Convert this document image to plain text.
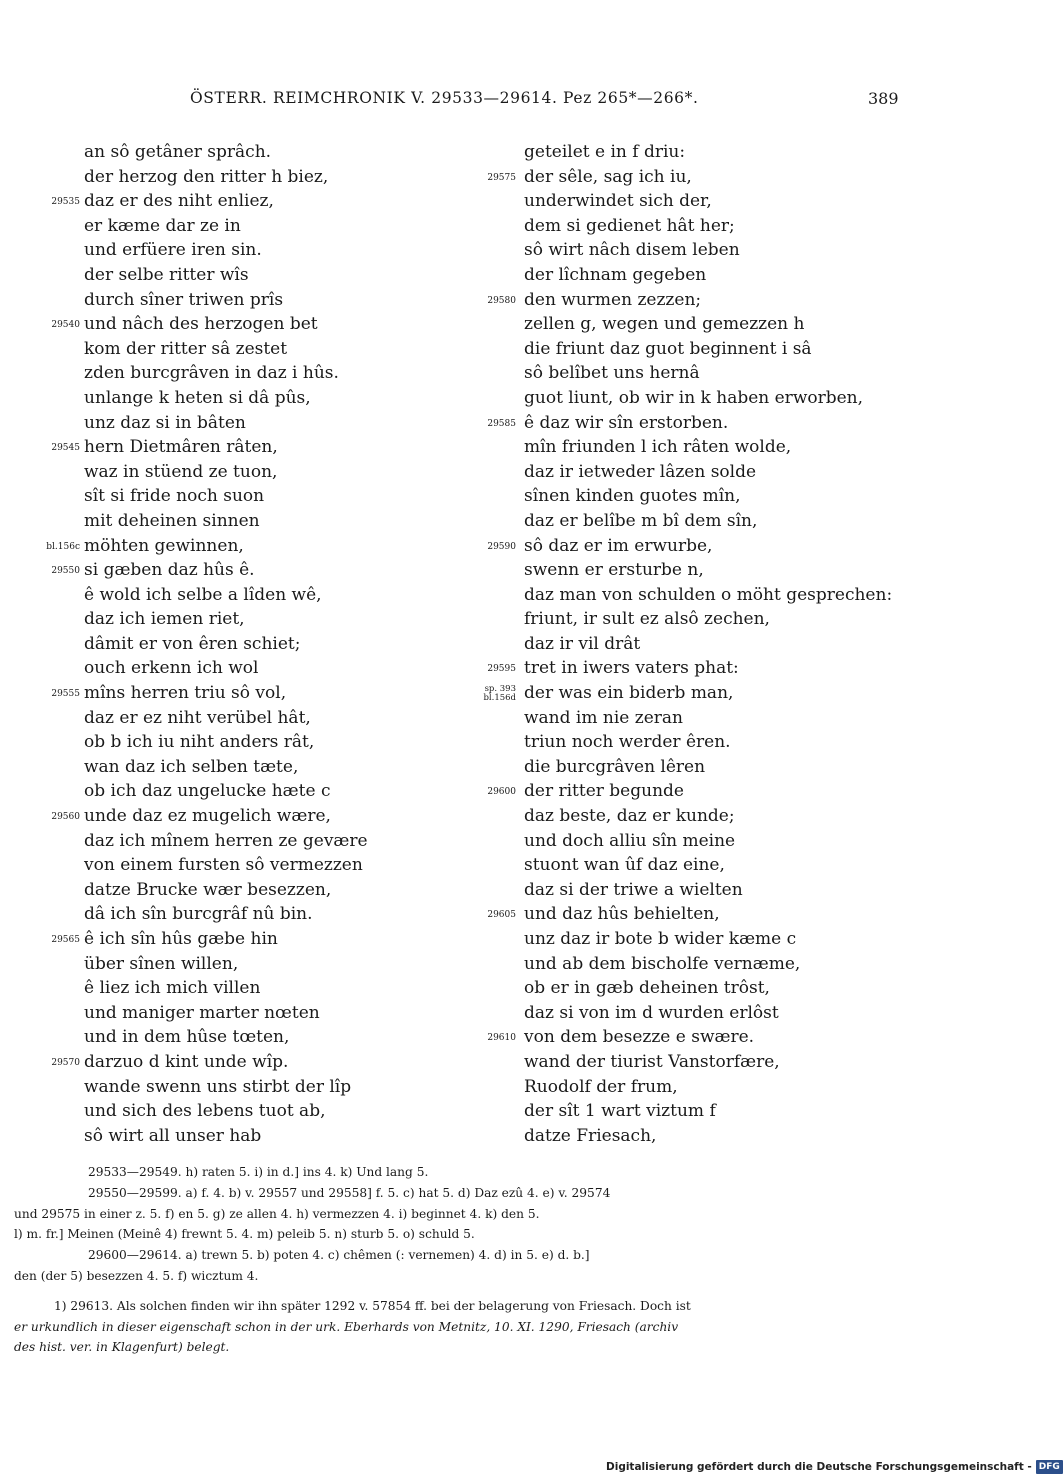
ÖSTERR. REIMCHRONIK V. 29533—29614. Pez 265*—266*.	389
an sô getâner sprâch.
der herzog den ritter h biez,
29535 daz er des niht enliez,
er kæme dar ze in
und erfüere iren sin.
der selbe ritter wîs
durch sîner triwen prîs
29540 und nâch des herzogen bet
kom der ritter sâ zestet
zden burcgrâven in daz i hûs.
unlange k heten si dâ pûs,
unz daz si in bâten
29545 hern Dietmâren râten,
waz in stüend ze tuon,
sît si fride noch suon
mit deheinen sinnen
bl.156c möhten gewinnen,
29550 si gæben daz hûs ê.
ê wold ich selbe a lîden wê,
daz ich iemen riet,
dâmit er von êren schiet;
ouch erkenn ich wol
29555 mîns herren triu sô vol,
daz er ez niht verübel hât,
ob b ich iu niht anders rât,
wan daz ich selben tæte,
ob ich daz ungelucke hæte c
29560 unde daz ez mugelich wære,
daz ich mînem herren ze gevære
von einem fursten sô vermezzen
datze Brucke wær besezzen,
dâ ich sîn burcgrâf nû bin.
29565 ê ich sîn hûs gæbe hin
über sînen willen,
ê liez ich mich villen
und maniger marter nœten
und in dem hûse tœten,
29570 darzuo d kint unde wîp.
wande swenn uns stirbt der lîp
und sich des lebens tuot ab,
sô wirt all unser hab
geteilet e in f driu:
29575 der sêle, sag ich iu,
underwindet sich der,
dem si gedienet hât her;
sô wirt nâch disem leben
der lîchnam gegeben
29580 den wurmen zezzen;
zellen g, wegen und gemezzen h
die friunt daz guot beginnent i sâ
sô belîbet uns hernâ
guot liunt, ob wir in k haben erworben,
29585 ê daz wir sîn erstorben.
mîn friunden l ich râten wolde,
daz ir ietweder lâzen solde
sînen kinden guotes mîn,
daz er belîbe m bî dem sîn,
29590 sô daz er im erwurbe,
swenn er ersturbe n,
daz man von schulden o möht gesprechen:
friunt, ir sult ez alsô zechen,
daz ir vil drât
29595 tret in iwers vaters phat:
sp. 393
bl.156d der was ein biderb man,
wand im nie zeran
triun noch werder êren.
die burcgrâven lêren
29600 der ritter begunde
daz beste, daz er kunde;
und doch alliu sîn meine
stuont wan ûf daz eine,
daz si der triwe a wielten
29605 und daz hûs behielten,
unz daz ir bote b wider kæme c
und ab dem bischolfe vernæme,
ob er in gæb deheinen trôst,
daz si von im d wurden erlôst
29610 von dem besezze e swære.
wand der tiurist Vanstorfære,
Ruodolf der frum,
der sît 1 wart viztum f
datze Friesach,
29533—29549. h) raten 5. i) in d.] ins 4. k) Und lang 5.
29550—29599. a) f. 4. b) v. 29557 und 29558] f. 5. c) hat 5. d) Daz ezû 4. e) v. 29574
und 29575 in einer z. 5. f) en 5. g) ze allen 4. h) vermezzen 4. i) beginnet 4. k) den 5.
l) m. fr.] Meinen (Meinê 4) frewnt 5. 4. m) peleib 5. n) sturb 5. o) schuld 5.
29600—29614. a) trewn 5. b) poten 4. c) chêmen (: vernemen) 4. d) in 5. e) d. b.]
den (der 5) besezzen 4. 5. f) wicztum 4.
1) 29613. Als solchen finden wir ihn später 1292 v. 57854 ff. bei der belagerung von Friesach. Doch ist
er urkundlich in dieser eigenschaft schon in der urk. Eberhards von Metnitz, 10. XI. 1290, Friesach (archiv
des hist. ver. in Klagenfurt) belegt.
Digitalisierung gefördert durch die Deutsche Forschungsgemeinschaft - DFG
